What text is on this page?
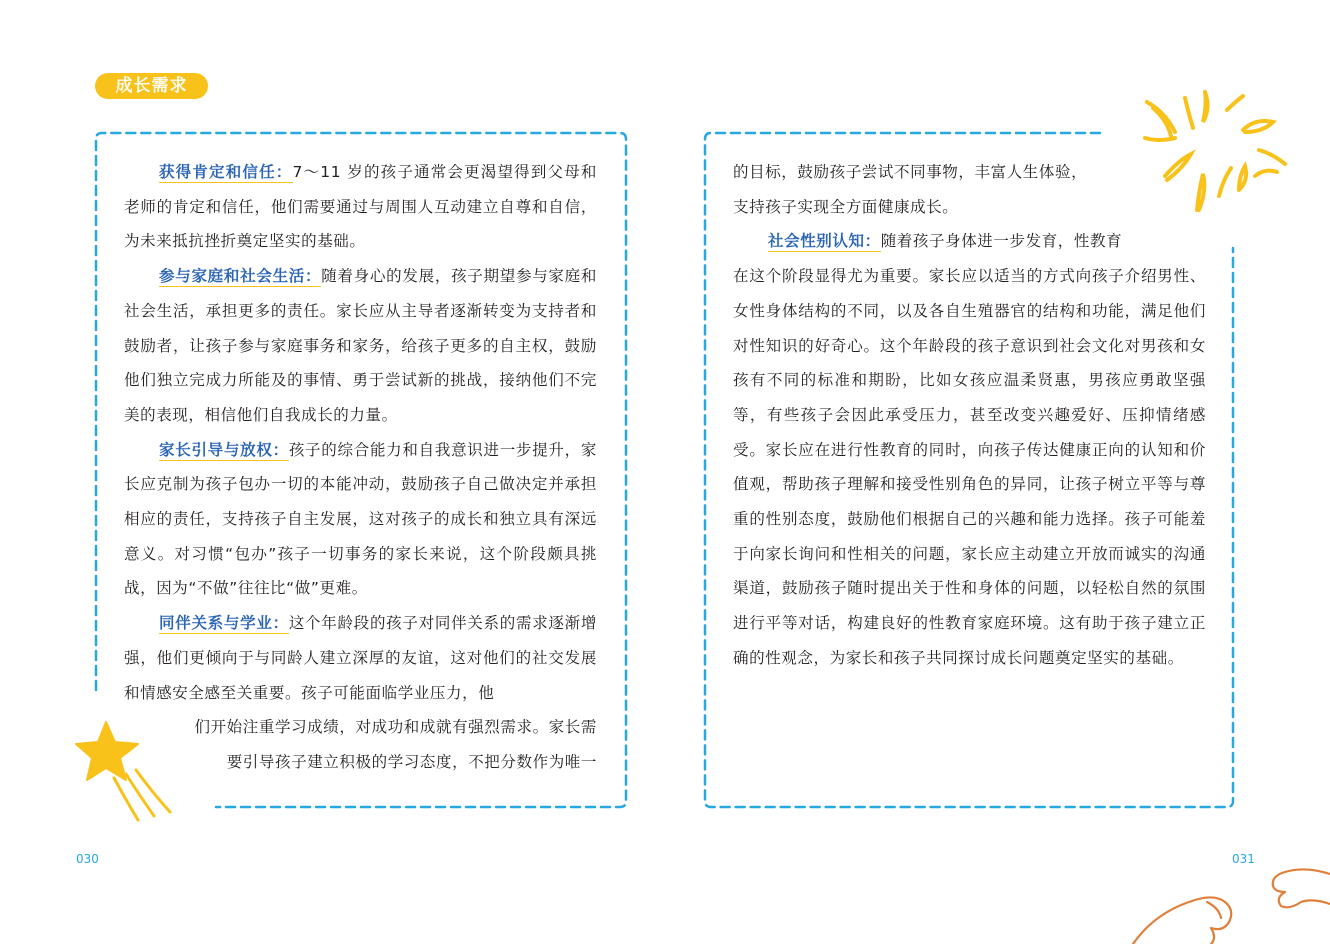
成长需求

获得肯定和信任：7～11 岁的孩子通常会更渴望得到父母和老师的肯定和信任，他们需要通过与周围人互动建立自尊和自信，为未来抵抗挫折奠定坚实的基础。

参与家庭和社会生活：随着身心的发展，孩子期望参与家庭和社会生活，承担更多的责任。家长应从主导者逐渐转变为支持者和鼓励者，让孩子参与家庭事务和家务，给孩子更多的自主权，鼓励他们独立完成力所能及的事情、勇于尝试新的挑战，接纳他们不完美的表现，相信他们自我成长的力量。

家长引导与放权：孩子的综合能力和自我意识进一步提升，家长应克制为孩子包办一切的本能冲动，鼓励孩子自己做决定并承担相应的责任，支持孩子自主发展，这对孩子的成长和独立具有深远意义。对习惯“包办”孩子一切事务的家长来说，这个阶段颇具挑战，因为“不做”往往比“做”更难。

同伴关系与学业：这个年龄段的孩子对同伴关系的需求逐渐增强，他们更倾向于与同龄人建立深厚的友谊，这对他们的社交发展和情感安全感至关重要。孩子可能面临学业压力，他

们开始注重学习成绩，对成功和成就有强烈需求。家长需
要引导孩子建立积极的学习态度，不把分数作为唯一

的目标，鼓励孩子尝试不同事物，丰富人生体验，
支持孩子实现全方面健康成长。

社会性别认知：随着孩子身体进一步发育，性教育

在这个阶段显得尤为重要。家长应以适当的方式向孩子介绍男性、女性身体结构的不同，以及各自生殖器官的结构和功能，满足他们对性知识的好奇心。这个年龄段的孩子意识到社会文化对男孩和女孩有不同的标准和期盼，比如女孩应温柔贤惠，男孩应勇敢坚强等，有些孩子会因此承受压力，甚至改变兴趣爱好、压抑情绪感受。家长应在进行性教育的同时，向孩子传达健康正向的认知和价值观，帮助孩子理解和接受性别角色的异同，让孩子树立平等与尊重的性别态度，鼓励他们根据自己的兴趣和能力选择。孩子可能羞于向家长询问和性相关的问题，家长应主动建立开放而诚实的沟通渠道，鼓励孩子随时提出关于性和身体的问题，以轻松自然的氛围进行平等对话，构建良好的性教育家庭环境。这有助于孩子建立正确的性观念，为家长和孩子共同探讨成长问题奠定坚实的基础。

030	031
